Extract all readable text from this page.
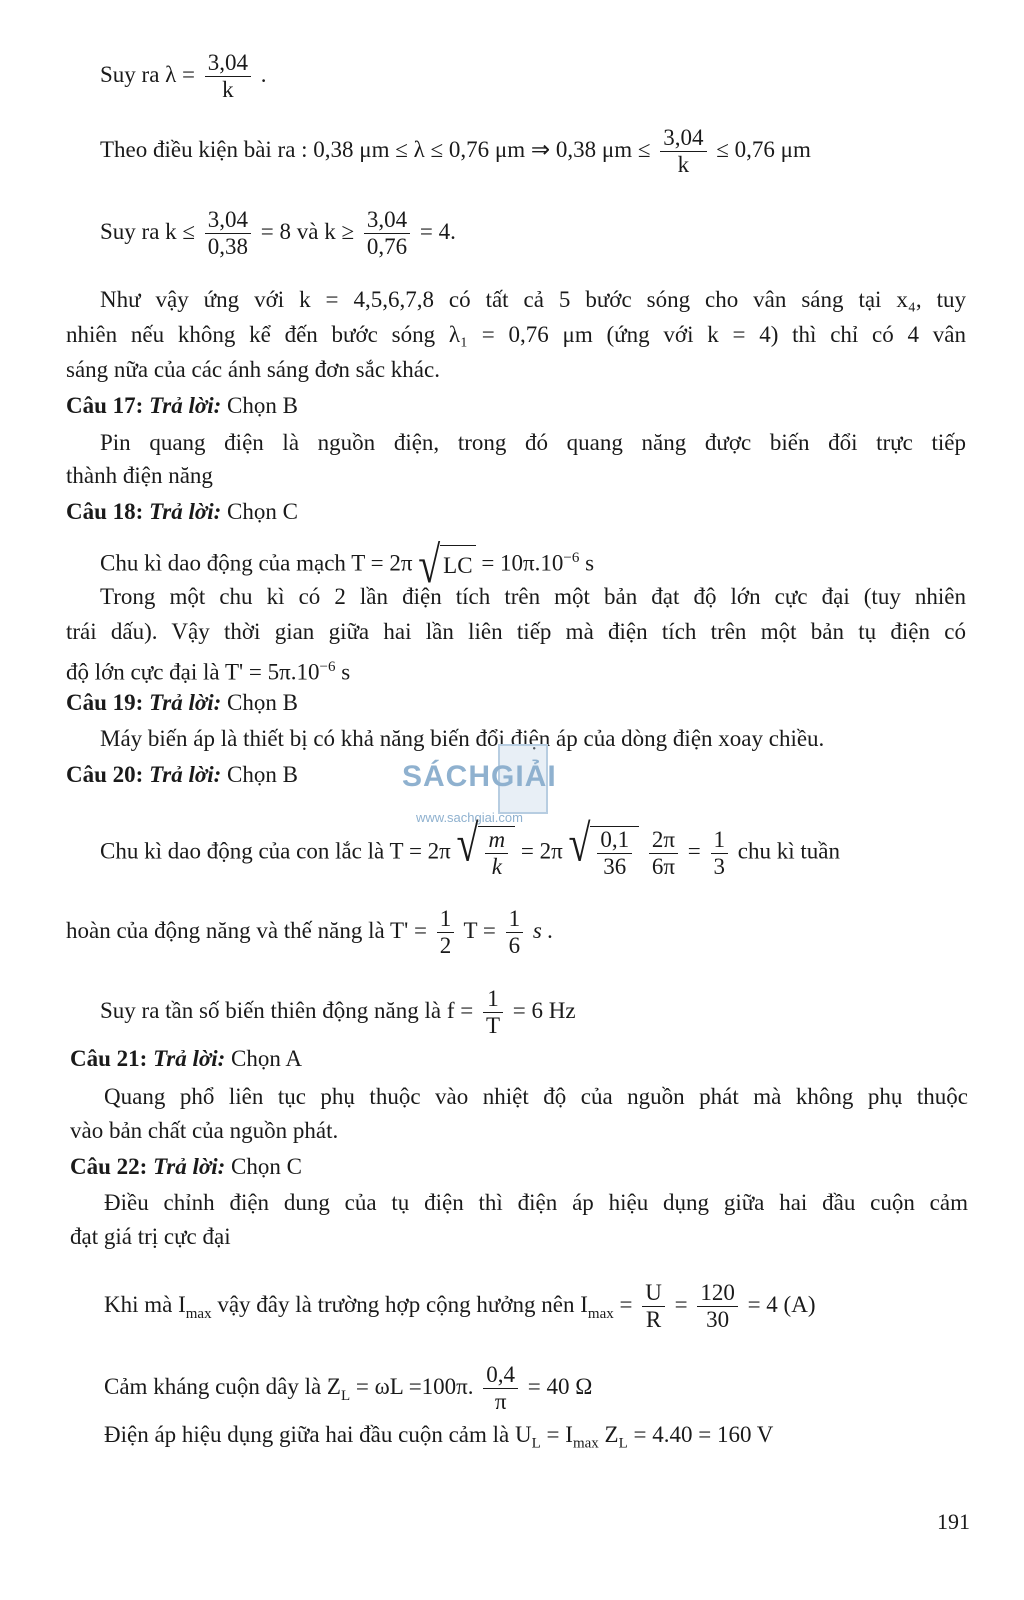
Suy ra $\lambda = \frac{3,04}{k}$ .
Theo điều kiện bài ra : 0,38 μm ≤ λ ≤ 0,76 μm ⇒ 0,38 $\mu m \le \frac{3,04}{k} \le 0,76$ μm
Suy ra $k \le \frac{3,04}{0,38} = 8$ và $k \ge \frac{3,04}{0,76} = 4$.
Như vậy ứng với k = 4,5,6,7,8 có tất cả 5 bước sóng cho vân sáng tại x₄, tuy
nhiên nếu không kể đến bước sóng λ₁ = 0,76 μm (ứng với k = 4) thì chỉ có 4 vân
sáng nữa của các ánh sáng đơn sắc khác.
Câu 17: Trả lời: Chọn B
Pin quang điện là nguồn điện, trong đó quang năng được biến đổi trực tiếp
thành điện năng
Câu 18: Trả lời: Chọn C
Chu kì dao động của mạch T = 2π √ LC = $10\pi.10^{-6}$ s
Trong một chu kì có 2 lần điện tích trên một bản đạt độ lớn cực đại (tuy nhiên
trái dấu). Vậy thời gian giữa hai lần liên tiếp mà điện tích trên một bản tụ điện có
độ lớn cực đại là $T' = 5\pi.10^{-6}$ s
Câu 19: Trả lời: Chọn B
Máy biến áp là thiết bị có khả năng biến đổi điện áp của dòng điện xoay chiều.
SÁCHGIẢI
www.sachgiai.com
Câu 20: Trả lời: Chọn B
Chu kì dao động của con lắc là T = 2π √ $\frac{m}{k} = 2\pi$ √ $\frac{0,1}{36}$
$\frac{2\pi}{6\pi} = \frac{1}{3}$ chu kì tuần
hoàn của động năng và thế năng là $T' = \frac{1}{2}$ $T = \frac{1}{6}$ s .
Suy ra tần số biến thiên động năng là $f = \frac{1}{T} = 6$ Hz
Câu 21: Trả lời: Chọn A
Quang phổ liên tục phụ thuộc vào nhiệt độ của nguồn phát mà không phụ thuộc
vào bản chất của nguồn phát.
Câu 22: Trả lời: Chọn C
Điều chỉnh điện dung của tụ điện thì điện áp hiệu dụng giữa hai đầu cuộn cảm
đạt giá trị cực đại
Khi mà $I_{max}$ vậy đây là trường hợp cộng hưởng nên $I_{max} = \frac{U}{R} = \frac{120}{30} = 4$ (A)
Cảm kháng cuộn dây là $Z_L = \omega L =100\pi$. $\frac{0,4}{\pi} = 40$ Ω
Điện áp hiệu dụng giữa hai đầu cuộn cảm là $U_L = I_{max}$ $Z_L = 4.40 = 160$ V
191
